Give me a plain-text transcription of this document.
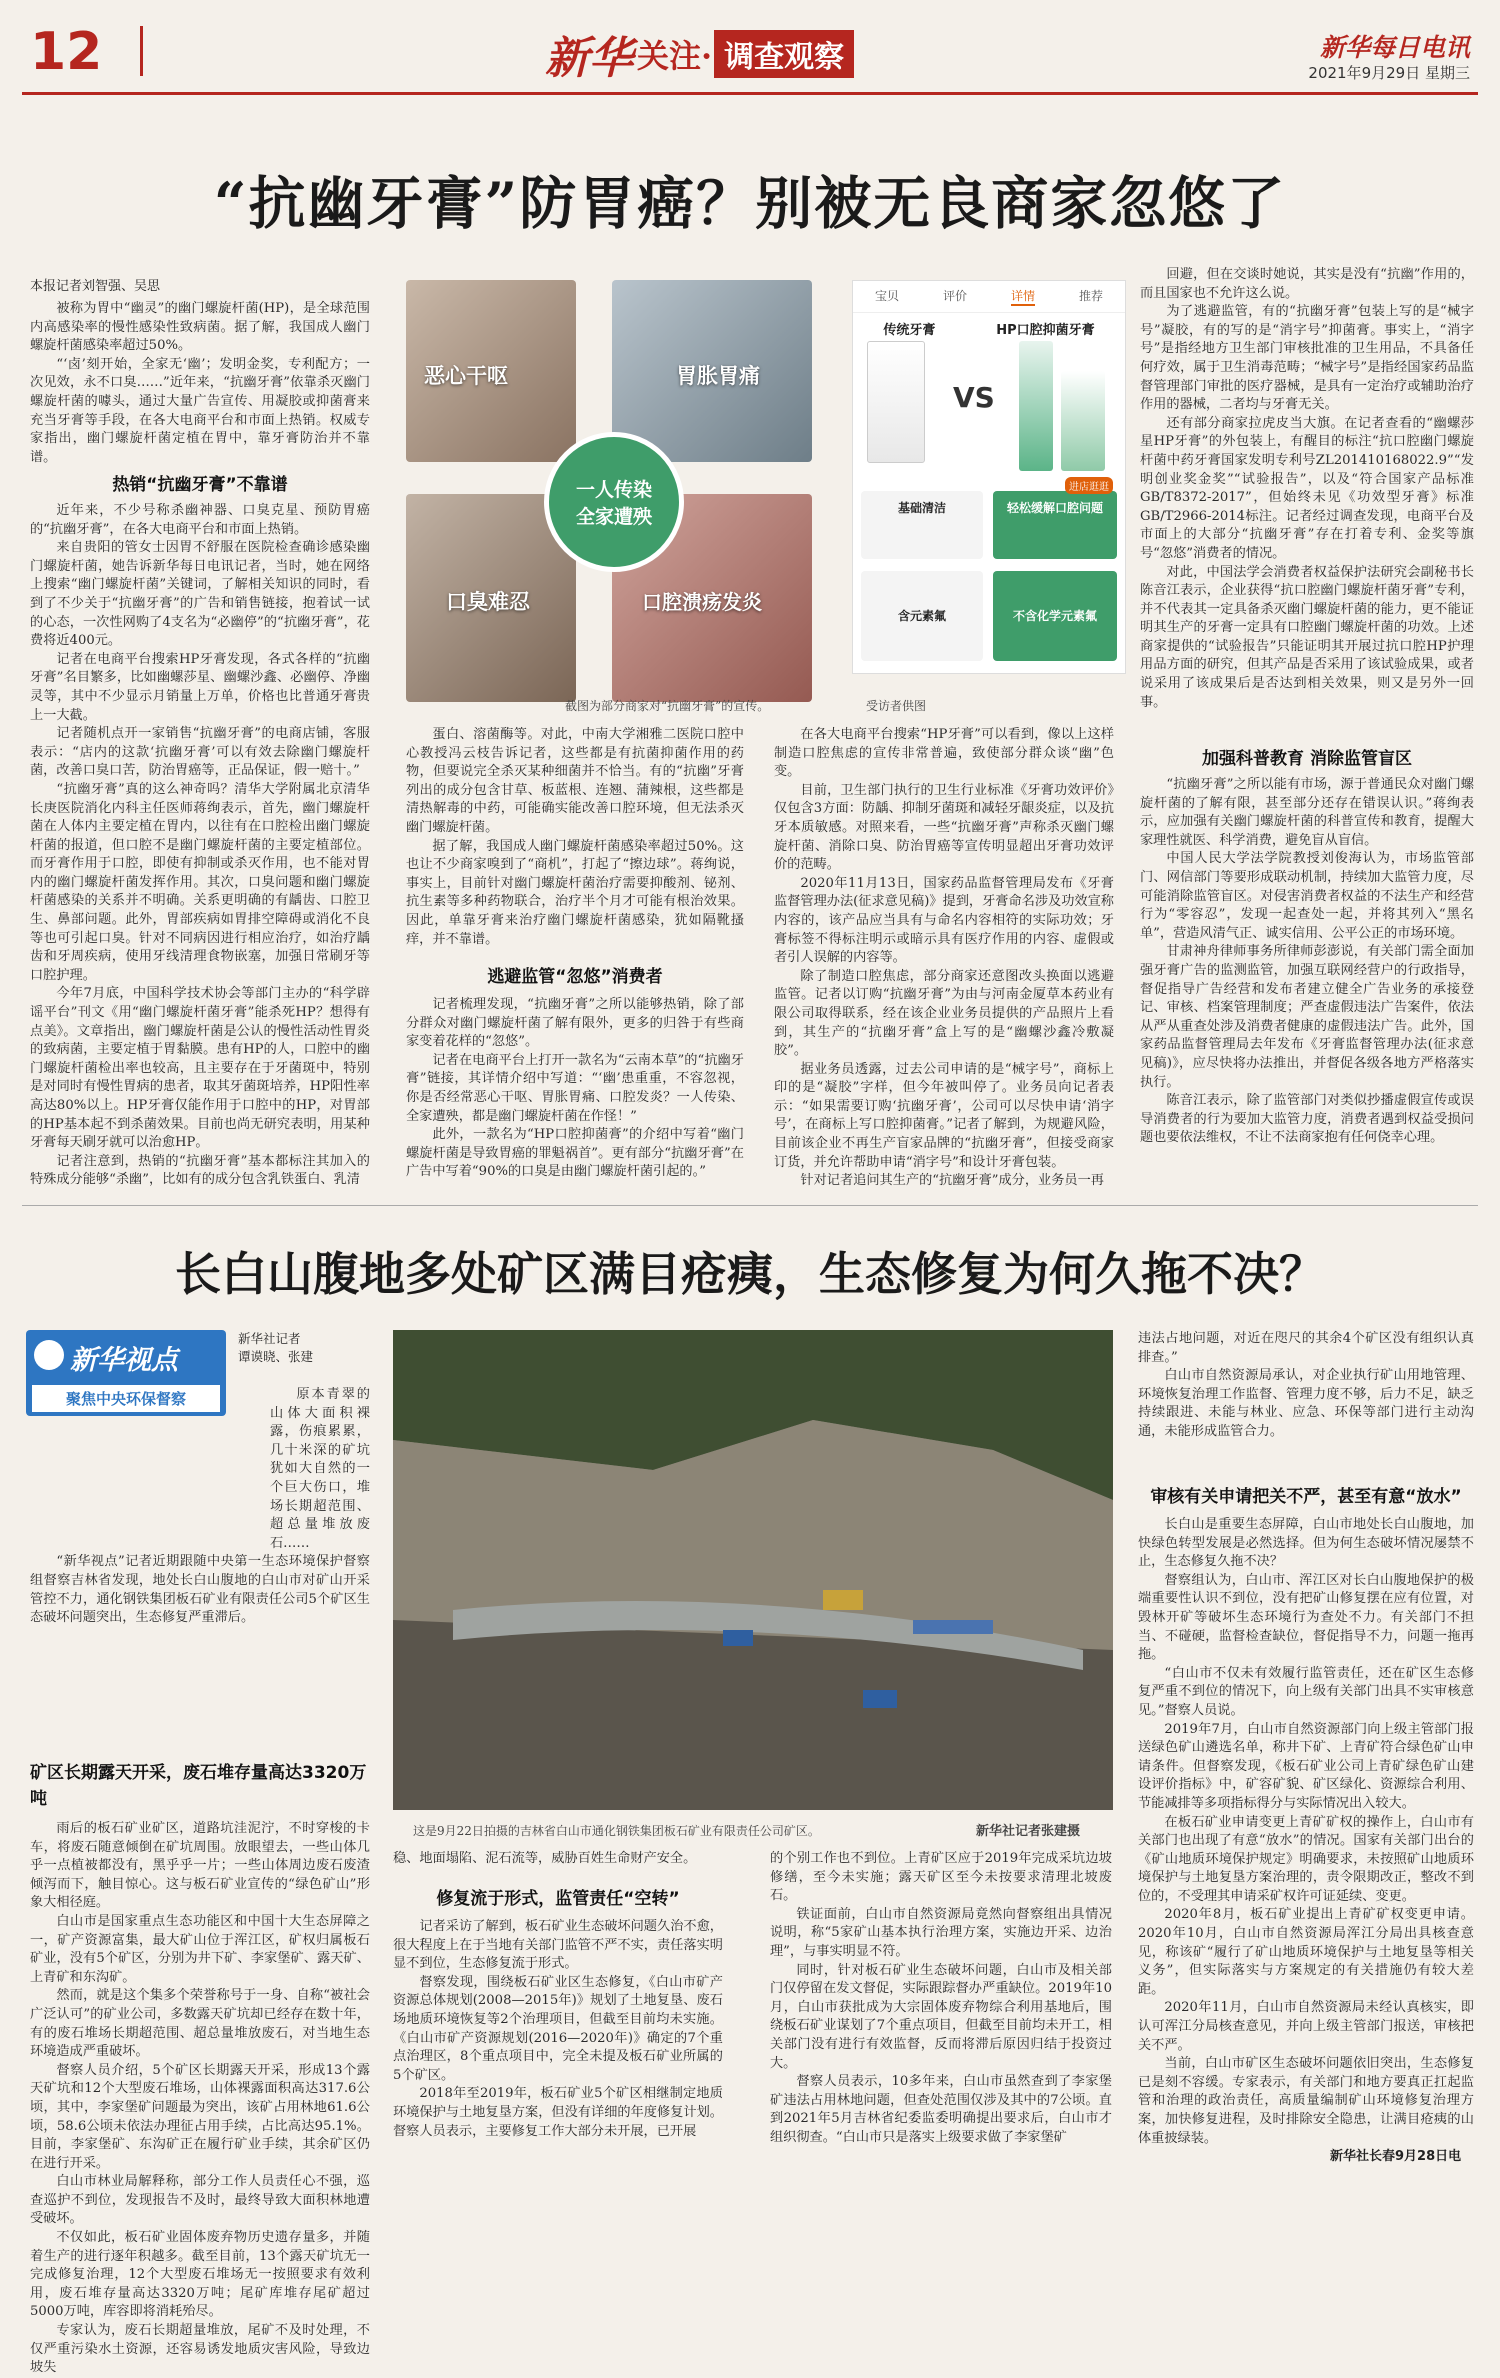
12	新华 关注· 调查观察	新华每日电讯
2021年9月29日 星期三
“抗幽牙膏”防胃癌？别被无良商家忽悠了
本报记者刘智强、吴思

被称为胃中“幽灵”的幽门螺旋杆菌(HP)，是全球范围内高感染率的慢性感染性致病菌。据了解，我国成人幽门螺旋杆菌感染率超过50%。

“‘卤’刻开始，全家无‘幽’；发明金奖，专利配方；一次见效，永不口臭……”近年来，“抗幽牙膏”依靠杀灭幽门螺旋杆菌的噱头，通过大量广告宣传、用凝胶或抑菌膏来充当牙膏等手段，在各大电商平台和市面上热销。权威专家指出，幽门螺旋杆菌定植在胃中，靠牙膏防治并不靠谱。

热销“抗幽牙膏”不靠谱

近年来，不少号称杀幽神器、口臭克星、预防胃癌的“抗幽牙膏”，在各大电商平台和市面上热销。

来自贵阳的管女士因胃不舒服在医院检查确诊感染幽门螺旋杆菌，她告诉新华每日电讯记者，当时，她在网络上搜索“幽门螺旋杆菌”关键词，了解相关知识的同时，看到了不少关于“抗幽牙膏”的广告和销售链接，抱着试一试的心态，一次性网购了4支名为“必幽停”的“抗幽牙膏”，花费将近400元。

记者在电商平台搜索HP牙膏发现，各式各样的“抗幽牙膏”名目繁多，比如幽螺莎星、幽螺沙鑫、必幽停、净幽灵等，其中不少显示月销量上万单，价格也比普通牙膏贵上一大截。

记者随机点开一家销售“抗幽牙膏”的电商店铺，客服表示：“店内的这款‘抗幽牙膏’可以有效去除幽门螺旋杆菌，改善口臭口苦，防治胃癌等，正品保证，假一赔十。”

“抗幽牙膏”真的这么神奇吗？清华大学附属北京清华长庚医院消化内科主任医师蒋绚表示，首先，幽门螺旋杆菌在人体内主要定植在胃内，以往有在口腔检出幽门螺旋杆菌的报道，但口腔不是幽门螺旋杆菌的主要定植部位。而牙膏作用于口腔，即使有抑制或杀灭作用，也不能对胃内的幽门螺旋杆菌发挥作用。其次，口臭问题和幽门螺旋杆菌感染的关系并不明确。关系更明确的有龋齿、口腔卫生、鼻部问题。此外，胃部疾病如胃排空障碍或消化不良等也可引起口臭。针对不同病因进行相应治疗，如治疗龋齿和牙周疾病，使用牙线清理食物嵌塞，加强日常刷牙等口腔护理。

今年7月底，中国科学技术协会等部门主办的“科学辟谣平台”刊文《用“幽门螺旋杆菌牙膏”能杀死HP？想得有点美》。文章指出，幽门螺旋杆菌是公认的慢性活动性胃炎的致病菌，主要定植于胃黏膜。患有HP的人，口腔中的幽门螺旋杆菌检出率也较高，且主要存在于牙菌斑中，特别是对同时有慢性胃病的患者，取其牙菌斑培养，HP阳性率高达80%以上。HP牙膏仅能作用于口腔中的HP，对胃部的HP基本起不到杀菌效果。目前也尚无研究表明，用某种牙膏每天刷牙就可以治愈HP。

记者注意到，热销的“抗幽牙膏”基本都标注其加入的特殊成分能够“杀幽”，比如有的成分包含乳铁蛋白、乳清

恶心干呕	胃胀胃痛
口臭难忍	口腔溃疡发炎
一人传染
全家遭殃
宝贝	评价	详情	推荐
传统牙膏	HP口腔抑菌牙膏
VS
基础清洁	轻松缓解口腔问题
含元素氟	不含化学元素氟
进店逛逛
截图为部分商家对“抗幽牙膏”的宣传。	受访者供图

蛋白、溶菌酶等。对此，中南大学湘雅二医院口腔中心教授冯云枝告诉记者，这些都是有抗菌抑菌作用的药物，但要说完全杀灭某种细菌并不恰当。有的“抗幽”牙膏列出的成分包含甘草、板蓝根、连翘、蒲辣根，这些都是清热解毒的中药，可能确实能改善口腔环境，但无法杀灭幽门螺旋杆菌。

据了解，我国成人幽门螺旋杆菌感染率超过50%。这也让不少商家嗅到了“商机”，打起了“擦边球”。蒋绚说，事实上，目前针对幽门螺旋杆菌治疗需要抑酸剂、铋剂、抗生素等多种药物联合，治疗半个月才可能有根治效果。因此，单靠牙膏来治疗幽门螺旋杆菌感染，犹如隔靴搔痒，并不靠谱。

逃避监管“忽悠”消费者

记者梳理发现，“抗幽牙膏”之所以能够热销，除了部分群众对幽门螺旋杆菌了解有限外，更多的归咎于有些商家变着花样的“忽悠”。

记者在电商平台上打开一款名为“云南本草”的“抗幽牙膏”链接，其详情介绍中写道：“‘幽’患重重，不容忽视，你是否经常恶心干呕、胃胀胃痛、口腔发炎？一人传染、全家遭殃，都是幽门螺旋杆菌在作怪！”

此外，一款名为“HP口腔抑菌膏”的介绍中写着“幽门螺旋杆菌是导致胃癌的罪魁祸首”。更有部分“抗幽牙膏”在广告中写着“90%的口臭是由幽门螺旋杆菌引起的。”

在各大电商平台搜索“HP牙膏”可以看到，像以上这样制造口腔焦虑的宣传非常普遍，致使部分群众谈“幽”色变。

目前，卫生部门执行的卫生行业标准《牙膏功效评价》仅包含3方面：防龋、抑制牙菌斑和减轻牙龈炎症，以及抗牙本质敏感。对照来看，一些“抗幽牙膏”声称杀灭幽门螺旋杆菌、消除口臭、防治胃癌等宣传明显超出牙膏功效评价的范畴。

2020年11月13日，国家药品监督管理局发布《牙膏监督管理办法(征求意见稿)》提到，牙膏命名涉及功效宣称内容的，该产品应当具有与命名内容相符的实际功效；牙膏标签不得标注明示或暗示具有医疗作用的内容、虚假或者引人误解的内容等。

除了制造口腔焦虑，部分商家还意图改头换面以逃避监管。记者以订购“抗幽牙膏”为由与河南金厦草本药业有限公司取得联系，经在该企业业务员提供的产品照片上看到，其生产的“抗幽牙膏”盒上写的是“幽螺沙鑫冷敷凝胶”。

据业务员透露，过去公司申请的是“械字号”，商标上印的是“凝胶”字样，但今年被叫停了。业务员向记者表示：“如果需要订购‘抗幽牙膏’，公司可以尽快申请‘消字号’，在商标上写口腔抑菌膏。”记者了解到，为规避风险，目前该企业不再生产盲家品牌的“抗幽牙膏”，但接受商家订货，并允许帮助申请“消字号”和设计牙膏包装。

针对记者追问其生产的“抗幽牙膏”成分，业务员一再

回避，但在交谈时她说，其实是没有“抗幽”作用的，而且国家也不允许这么说。

为了逃避监管，有的“抗幽牙膏”包装上写的是“械字号”凝胶，有的写的是“消字号”抑菌膏。事实上，“消字号”是指经地方卫生部门审核批准的卫生用品，不具备任何疗效，属于卫生消毒范畴；“械字号”是指经国家药品监督管理部门审批的医疗器械，是具有一定治疗或辅助治疗作用的器械，二者均与牙膏无关。

还有部分商家拉虎皮当大旗。在记者查看的“幽螺莎星HP牙膏”的外包装上，有醒目的标注“抗口腔幽门螺旋杆菌中药牙膏国家发明专利号ZL201410168022.9”“发明创业奖金奖”“试验报告”，以及“符合国家产品标准GB/T8372-2017”，但始终未见《功效型牙膏》标准GB/T2966-2014标注。记者经过调查发现，电商平台及市面上的大部分“抗幽牙膏”存在打着专利、金奖等旗号“忽悠”消费者的情况。

对此，中国法学会消费者权益保护法研究会副秘书长陈音江表示，企业获得“抗口腔幽门螺旋杆菌牙膏”专利，并不代表其一定具备杀灭幽门螺旋杆菌的能力，更不能证明其生产的牙膏一定具有口腔幽门螺旋杆菌的功效。上述商家提供的“试验报告”只能证明其开展过抗口腔HP护理用品方面的研究，但其产品是否采用了该试验成果，或者说采用了该成果后是否达到相关效果，则又是另外一回事。

加强科普教育 消除监管盲区

“抗幽牙膏”之所以能有市场，源于普通民众对幽门螺旋杆菌的了解有限，甚至部分还存在错误认识。”蒋绚表示，应加强有关幽门螺旋杆菌的科普宣传和教育，提醒大家理性就医、科学消费，避免盲从盲信。

中国人民大学法学院教授刘俊海认为，市场监管部门、网信部门等要形成联动机制，持续加大监管力度，尽可能消除监管盲区。对侵害消费者权益的不法生产和经营行为“零容忍”，发现一起查处一起，并将其列入“黑名单”，营造风清气正、诚实信用、公平公正的市场环境。

甘肃神舟律师事务所律师彭澎说，有关部门需全面加强牙膏广告的监测监管，加强互联网经营户的行政指导，督促指导广告经营和发布者建立健全广告业务的承接登记、审核、档案管理制度；严查虚假违法广告案件，依法从严从重查处涉及消费者健康的虚假违法广告。此外，国家药品监督管理局去年发布《牙膏监督管理办法(征求意见稿)》，应尽快将办法推出，并督促各级各地方严格落实执行。

陈音江表示，除了监管部门对类似抄播虚假宣传或误导消费者的行为要加大监管力度，消费者遇到权益受损问题也要依法维权，不让不法商家抱有任何侥幸心理。

长白山腹地多处矿区满目疮痍，生态修复为何久拖不决？
新华视点
聚焦中央环保督察
新华社记者
谭谟晓、张建

原本青翠的山体大面积裸露，伤痕累累，几十米深的矿坑犹如大自然的一个巨大伤口，堆场长期超范围、超总量堆放废石……

“新华视点”记者近期跟随中央第一生态环境保护督察组督察吉林省发现，地处长白山腹地的白山市对矿山开采管控不力，通化钢铁集团板石矿业有限责任公司5个矿区生态破坏问题突出，生态修复严重滞后。

矿区长期露天开采，废石堆存量高达3320万吨

雨后的板石矿业矿区，道路坑洼泥泞，不时穿梭的卡车，将废石随意倾倒在矿坑周围。放眼望去，一些山体几乎一点植被都没有，黑乎乎一片；一些山体周边废石废渣倾泻而下，触目惊心。这与板石矿业宣传的“绿色矿山”形象大相径庭。

白山市是国家重点生态功能区和中国十大生态屏障之一，矿产资源富集，最大矿山位于浑江区，矿权归属板石矿业，没有5个矿区，分别为井下矿、李家堡矿、露天矿、上青矿和东沟矿。

然而，就是这个集多个荣誉称号于一身、自称“被社会广泛认可”的矿业公司，多数露天矿坑却已经存在数十年，有的废石堆场长期超范围、超总量堆放废石，对当地生态环境造成严重破坏。

督察人员介绍，5个矿区长期露天开采，形成13个露天矿坑和12个大型废石堆场，山体裸露面积高达317.6公顷，其中，李家堡矿问题最为突出，该矿占用林地61.6公顷，58.6公顷未依法办理征占用手续，占比高达95.1%。目前，李家堡矿、东沟矿正在履行矿业手续，其余矿区仍在进行开采。

白山市林业局解释称，部分工作人员责任心不强，巡查巡护不到位，发现报告不及时，最终导致大面积林地遭受破坏。

不仅如此，板石矿业固体废弃物历史遗存量多，并随着生产的进行逐年积越多。截至目前，13个露天矿坑无一完成修复治理，12个大型废石堆场无一按照要求有效利用，废石堆存量高达3320万吨；尾矿库堆存尾矿超过5000万吨，库容即将消耗殆尽。

专家认为，废石长期超量堆放，尾矿不及时处理，不仅严重污染水土资源，还容易诱发地质灾害风险，导致边坡失

这是9月22日拍摄的吉林省白山市通化钢铁集团板石矿业有限责任公司矿区。	新华社记者张建摄

稳、地面塌陷、泥石流等，威胁百姓生命财产安全。

修复流于形式，监管责任“空转”

记者采访了解到，板石矿业生态破坏问题久治不愈，很大程度上在于当地有关部门监管不严不实，责任落实明显不到位，生态修复流于形式。

督察发现，围绕板石矿业区生态修复，《白山市矿产资源总体规划(2008—2015年)》规划了土地复垦、废石场地质环境恢复等2个治理项目，但截至目前均未实施。《白山市矿产资源规划(2016—2020年)》确定的7个重点治理区，8个重点项目中，完全未提及板石矿业所属的5个矿区。

2018年至2019年，板石矿业5个矿区相继制定地质环境保护与土地复垦方案，但没有详细的年度修复计划。督察人员表示，主要修复工作大部分未开展，已开展

的个别工作也不到位。上青矿区应于2019年完成采坑边坡修缮，至今未实施；露天矿区至今未按要求清理北坡废石。

铁证面前，白山市自然资源局竟然向督察组出具情况说明，称“5家矿山基本执行治理方案，实施边开采、边治理”，与事实明显不符。

同时，针对板石矿业生态破坏问题，白山市及相关部门仅停留在发文督促，实际跟踪督办严重缺位。2019年10月，白山市获批成为大宗固体废弃物综合利用基地后，围绕板石矿业谋划了7个重点项目，但截至目前均未开工，相关部门没有进行有效监督，反而将滞后原因归结于投资过大。

督察人员表示，10多年来，白山市虽然查到了李家堡矿违法占用林地问题，但查处范围仅涉及其中的7公顷。直到2021年5月吉林省纪委监委明确提出要求后，白山市才组织彻查。“白山市只是落实上级要求做了李家堡矿

违法占地问题，对近在咫尺的其余4个矿区没有组织认真排查。”

白山市自然资源局承认，对企业执行矿山用地管理、环境恢复治理工作监督、管理力度不够，后力不足，缺乏持续跟进、未能与林业、应急、环保等部门进行主动沟通，未能形成监管合力。

审核有关申请把关不严，甚至有意“放水”

长白山是重要生态屏障，白山市地处长白山腹地，加快绿色转型发展是必然选择。但为何生态破坏情况屡禁不止，生态修复久拖不决？

督察组认为，白山市、浑江区对长白山腹地保护的极端重要性认识不到位，没有把矿山修复摆在应有位置，对毁林开矿等破坏生态环境行为查处不力。有关部门不担当、不碰硬，监督检查缺位，督促指导不力，问题一拖再拖。

“白山市不仅未有效履行监管责任，还在矿区生态修复严重不到位的情况下，向上级有关部门出具不实审核意见。”督察人员说。

2019年7月，白山市自然资源部门向上级主管部门报送绿色矿山遴选名单，称井下矿、上青矿符合绿色矿山申请条件。但督察发现，《板石矿业公司上青矿绿色矿山建设评价指标》中，矿容矿貌、矿区绿化、资源综合利用、节能减排等多项指标得分与实际情况出入较大。

在板石矿业申请变更上青矿矿权的操作上，白山市有关部门也出现了有意“放水”的情况。国家有关部门出台的《矿山地质环境保护规定》明确要求，未按照矿山地质环境保护与土地复垦方案治理的，责令限期改正，整改不到位的，不受理其申请采矿权许可证延续、变更。

2020年8月，板石矿业提出上青矿矿权变更申请。2020年10月，白山市自然资源局浑江分局出具核查意见，称该矿“履行了矿山地质环境保护与土地复垦等相关义务”，但实际落实与方案规定的有关措施仍有较大差距。

2020年11月，白山市自然资源局未经认真核实，即认可浑江分局核查意见，并向上级主管部门报送，审核把关不严。

当前，白山市矿区生态破坏问题依旧突出，生态修复已是刻不容缓。专家表示，有关部门和地方要真正扛起监管和治理的政治责任，高质量编制矿山环境修复治理方案，加快修复进程，及时排除安全隐患，让满目疮痍的山体重披绿装。

新华社长春9月28日电
